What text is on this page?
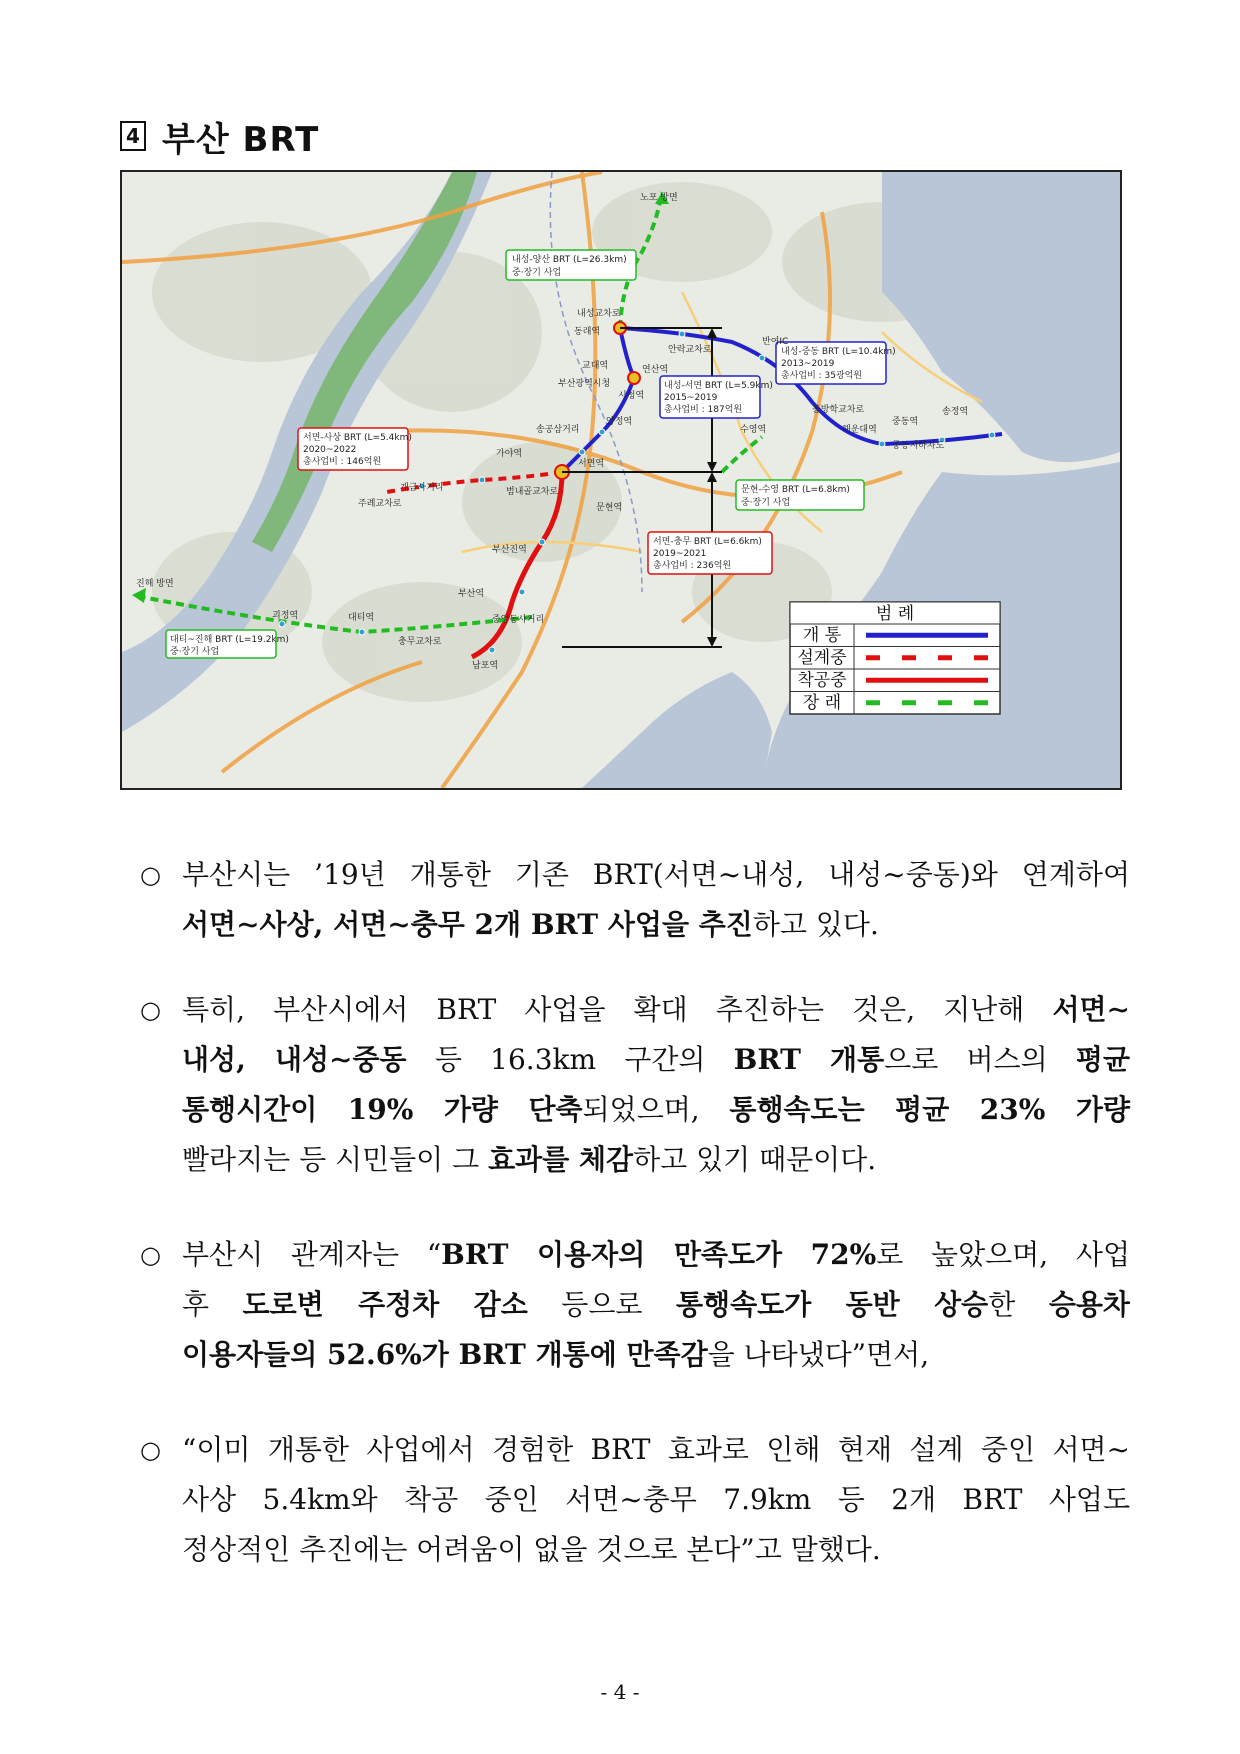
4 부산 BRT
내성-양산 BRT (L=26.3km)
중·장기 사업
노포 방면
내성-중동 BRT (L=10.4km)
2013~2019
총사업비 : 35광억원
내성-서면 BRT (L=5.9km)
2015~2019
총사업비 : 187억원
서면-사상 BRT (L=5.4km)
2020~2022
총사업비 : 146억원
문현-수영 BRT (L=6.8km)
중·장기 사업
서면-충무 BRT (L=6.6km)
2019~2021
총사업비 : 236억원
진해 방면
대티~진해 BRT (L=19.2km)
중·장기 사업
내성교차로
동래역
교대역	연산역
안락교차로
반여IC
부산광역시청
시청역
양정역
송공삼거리
가야역
서면역
개금사거리
주례교차로
범내골교차로
문현역
수영역
동방학교차로
해운대역
중동역
송정역
중동지하차도
부산진역
부산역
중앙동사거리
충무교차로
남포역
괴정역	대티역	범 례
개 통
설계중
착공중
장 래
○ 부산시는 ’19년 개통한 기존 BRT(서면∼내성, 내성∼중동)와 연계하여
서면∼사상, 서면∼충무 2개 BRT 사업을 추진하고 있다.
○ 특히, 부산시에서 BRT 사업을 확대 추진하는 것은, 지난해 서면∼
내성, 내성∼중동 등 16.3km 구간의 BRT 개통으로 버스의 평균
통행시간이 19% 가량 단축되었으며, 통행속도는 평균 23% 가량
빨라지는 등 시민들이 그 효과를 체감하고 있기 때문이다.
○ 부산시 관계자는 “BRT 이용자의 만족도가 72%로 높았으며, 사업
후 도로변 주정차 감소 등으로 통행속도가 동반 상승한 승용차
이용자들의 52.6%가 BRT 개통에 만족감을 나타냈다”면서,
○ “이미 개통한 사업에서 경험한 BRT 효과로 인해 현재 설계 중인 서면∼
사상 5.4km와 착공 중인 서면∼충무 7.9km 등 2개 BRT 사업도
정상적인 추진에는 어려움이 없을 것으로 본다”고 말했다.
- 4 -
